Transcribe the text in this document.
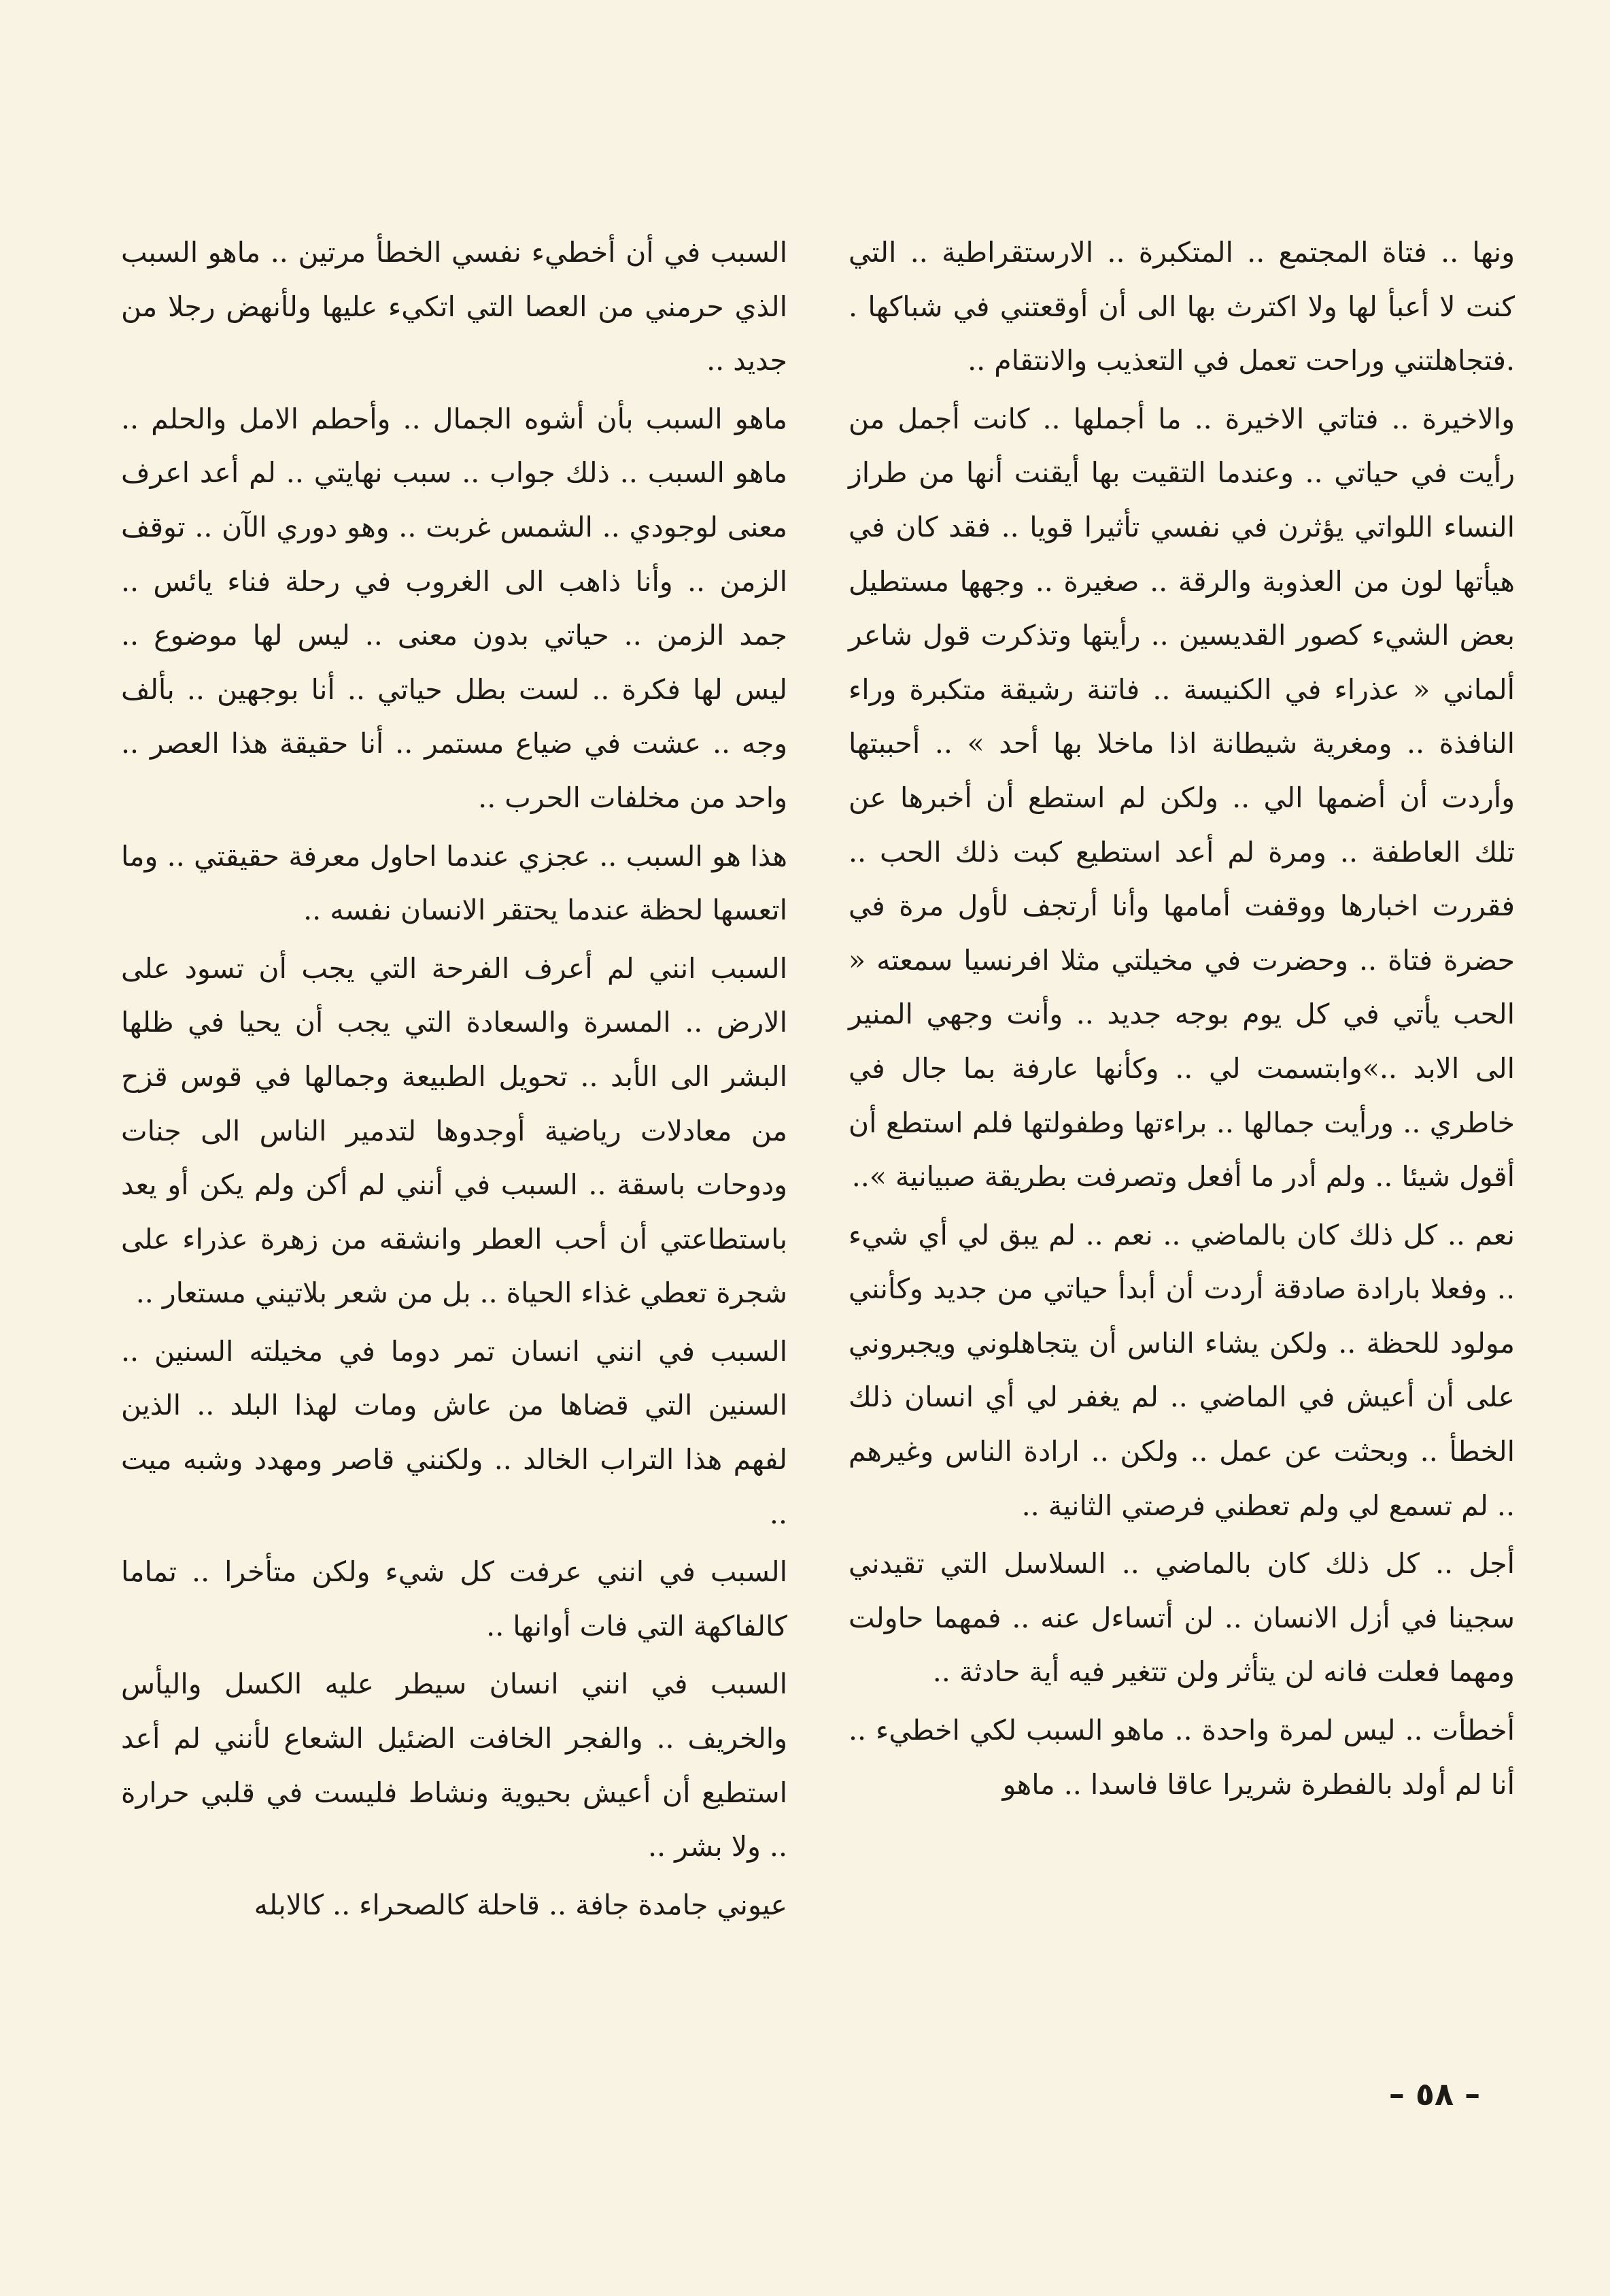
ونها .. فتاة المجتمع .. المتكبرة .. الارستقراطية .. التي كنت لا أعبأ لها ولا اكترث بها الى أن أوقعتني في شباكها . .فتجاهلتني وراحت تعمل في التعذيب والانتقام ..

والاخيرة .. فتاتي الاخيرة .. ما أجملها .. كانت أجمل من رأيت في حياتي .. وعندما التقيت بها أيقنت أنها من طراز النساء اللواتي يؤثرن في نفسي تأثيرا قويا .. فقد كان في هيأتها لون من العذوبة والرقة .. صغيرة .. وجهها مستطيل بعض الشيء كصور القديسين .. رأيتها وتذكرت قول شاعر ألماني « عذراء في الكنيسة .. فاتنة رشيقة متكبرة وراء النافذة .. ومغرية شيطانة اذا ماخلا بها أحد » .. أحببتها وأردت أن أضمها الي .. ولكن لم استطع أن أخبرها عن تلك العاطفة .. ومرة لم أعد استطيع كبت ذلك الحب .. فقررت اخبارها ووقفت أمامها وأنا أرتجف لأول مرة في حضرة فتاة .. وحضرت في مخيلتي مثلا افرنسيا سمعته « الحب يأتي في كل يوم بوجه جديد .. وأنت وجهي المنير الى الابد ..»وابتسمت لي .. وكأنها عارفة بما جال في خاطري .. ورأيت جمالها .. براءتها وطفولتها فلم استطع أن أقول شيئا .. ولم أدر ما أفعل وتصرفت بطريقة صبيانية »..

نعم .. كل ذلك كان بالماضي .. نعم .. لم يبق لي أي شيء .. وفعلا بارادة صادقة أردت أن أبدأ حياتي من جديد وكأنني مولود للحظة .. ولكن يشاء الناس أن يتجاهلوني ويجبروني على أن أعيش في الماضي .. لم يغفر لي أي انسان ذلك الخطأ .. وبحثت عن عمل .. ولكن .. ارادة الناس وغيرهم .. لم تسمع لي ولم تعطني فرصتي الثانية ..

أجل .. كل ذلك كان بالماضي .. السلاسل التي تقيدني سجينا في أزل الانسان .. لن أتساءل عنه .. فمهما حاولت ومهما فعلت فانه لن يتأثر ولن تتغير فيه أية حادثة ..

أخطأت .. ليس لمرة واحدة .. ماهو السبب لكي اخطيء .. أنا لم أولد بالفطرة شريرا عاقا فاسدا .. ماهو

السبب في أن أخطيء نفسي الخطأ مرتين .. ماهو السبب الذي حرمني من العصا التي اتكيء عليها ولأنهض رجلا من جديد ..

ماهو السبب بأن أشوه الجمال .. وأحطم الامل والحلم .. ماهو السبب .. ذلك جواب .. سبب نهايتي .. لم أعد اعرف معنى لوجودي .. الشمس غربت .. وهو دوري الآن .. توقف الزمن .. وأنا ذاهب الى الغروب في رحلة فناء يائس .. جمد الزمن .. حياتي بدون معنى .. ليس لها موضوع .. ليس لها فكرة .. لست بطل حياتي .. أنا بوجهين .. بألف وجه .. عشت في ضياع مستمر .. أنا حقيقة هذا العصر .. واحد من مخلفات الحرب ..

هذا هو السبب .. عجزي عندما احاول معرفة حقيقتي .. وما اتعسها لحظة عندما يحتقر الانسان نفسه ..

السبب انني لم أعرف الفرحة التي يجب أن تسود على الارض .. المسرة والسعادة التي يجب أن يحيا في ظلها البشر الى الأبد .. تحويل الطبيعة وجمالها في قوس قزح من معادلات رياضية أوجدوها لتدمير الناس الى جنات ودوحات باسقة .. السبب في أنني لم أكن ولم يكن أو يعد باستطاعتي أن أحب العطر وانشقه من زهرة عذراء على شجرة تعطي غذاء الحياة .. بل من شعر بلاتيني مستعار ..

السبب في انني انسان تمر دوما في مخيلته السنين .. السنين التي قضاها من عاش ومات لهذا البلد .. الذين لفهم هذا التراب الخالد .. ولكنني قاصر ومهدد وشبه ميت ..

السبب في انني عرفت كل شيء ولكن متأخرا .. تماما كالفاكهة التي فات أوانها ..

السبب في انني انسان سيطر عليه الكسل واليأس والخريف .. والفجر الخافت الضئيل الشعاع لأنني لم أعد استطيع أن أعيش بحيوية ونشاط فليست في قلبي حرارة .. ولا بشر ..

عيوني جامدة جافة .. قاحلة كالصحراء .. كالابله

– ٥٨ –
